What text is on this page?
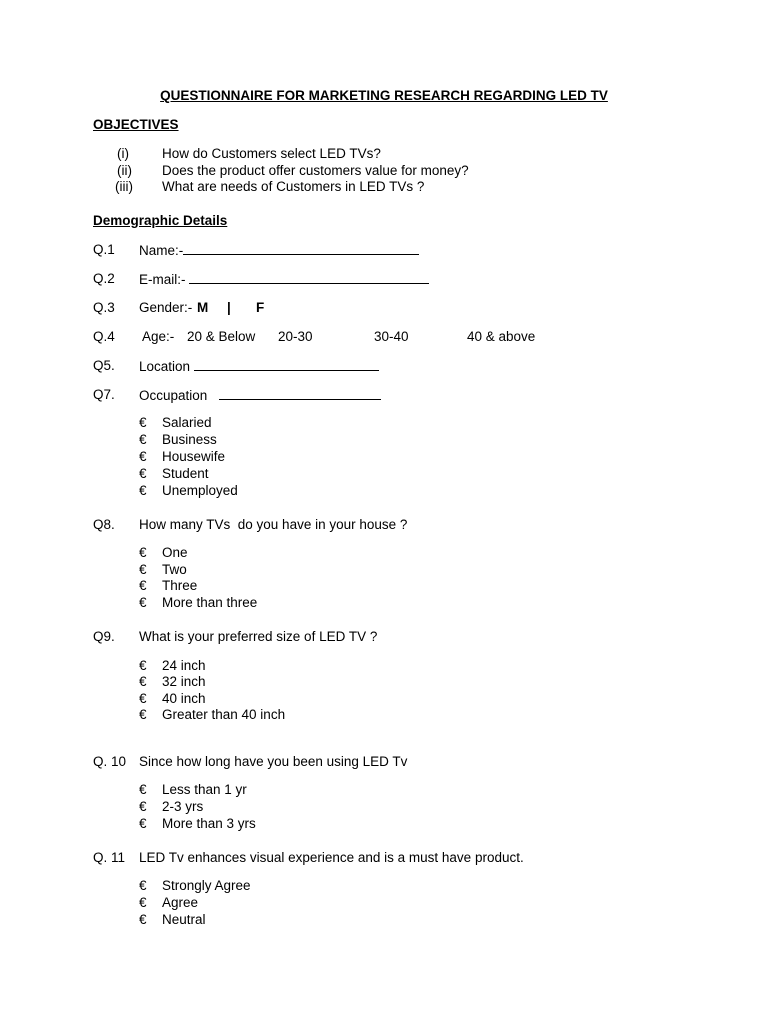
QUESTIONNAIRE FOR MARKETING RESEARCH REGARDING LED TV
OBJECTIVES
(i) How do Customers select LED TVs?
(ii) Does the product offer customers value for money?
(iii) What are needs of Customers in LED TVs ?
Demographic Details
Q.1 Name:-
Q.2 E-mail:-
Q.3 Gender:- M | F
Q.4 Age:- 20 & Below 20-30	30-40	40 & above
Q5. Location
Q7. Occupation
€ Salaried
€ Business
€ Housewife
€ Student
€ Unemployed
Q8. How many TVs  do you have in your house ?
€ One
€ Two
€ Three
€ More than three
Q9. What is your preferred size of LED TV ?
€ 24 inch
€ 32 inch
€ 40 inch
€ Greater than 40 inch
Q. 10 Since how long have you been using LED Tv
€ Less than 1 yr
€ 2-3 yrs
€ More than 3 yrs
Q. 11 LED Tv enhances visual experience and is a must have product.
€ Strongly Agree
€ Agree
€ Neutral
